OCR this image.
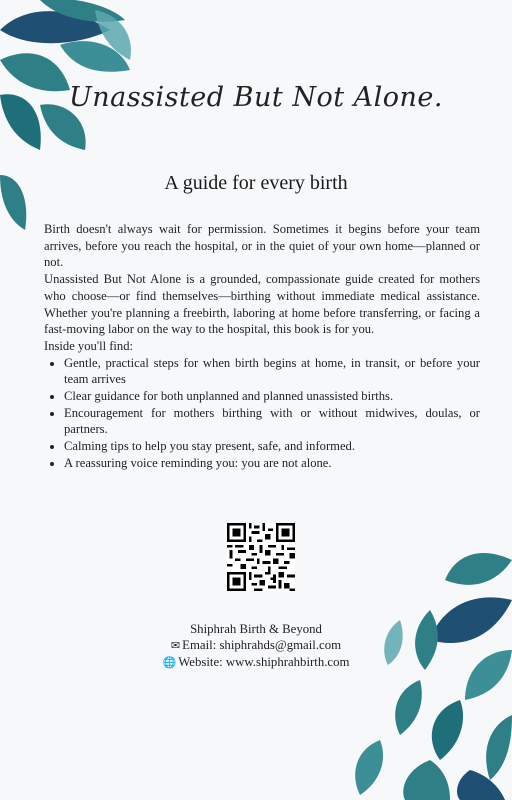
Unassisted But Not Alone.
A guide for every birth

Birth doesn't always wait for permission. Sometimes it begins before your team arrives, before you reach the hospital, or in the quiet of your own home—planned or not.

Unassisted But Not Alone is a grounded, compassionate guide created for mothers who choose—or find themselves—birthing without immediate medical assistance. Whether you're planning a freebirth, laboring at home before transferring, or facing a fast-moving labor on the way to the hospital, this book is for you.

Inside you'll find:

• Gentle, practical steps for when birth begins at home, in transit, or before your team arrives
• Clear guidance for both unplanned and planned unassisted births.
• Encouragement for mothers birthing with or without midwives, doulas, or partners.
• Calming tips to help you stay present, safe, and informed.
• A reassuring voice reminding you: you are not alone.
Shiphrah Birth & Beyond
✉ Email: shiphrahds@gmail.com
🌐 Website: www.shiphrahbirth.com
